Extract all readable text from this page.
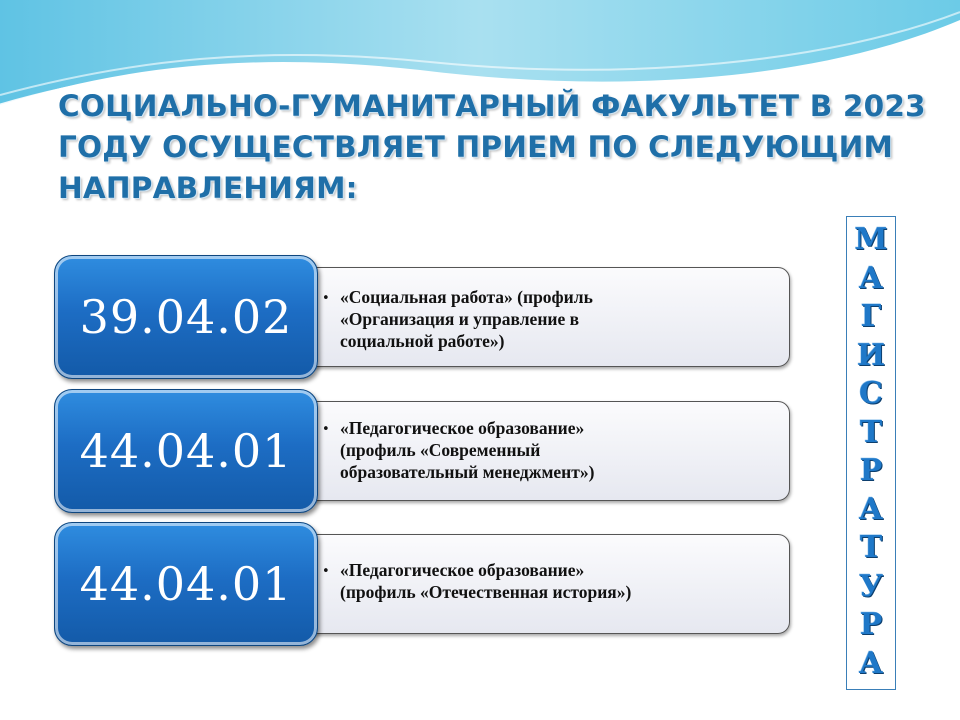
СОЦИАЛЬНО-ГУМАНИТАРНЫЙ ФАКУЛЬТЕТ В 2023
ГОДУ ОСУЩЕСТВЛЯЕТ ПРИЕМ ПО СЛЕДУЮЩИМ
НАПРАВЛЕНИЯМ:
39.04.02 • «Социальная работа» (профиль
«Организация и управление в
социальной работе»)
44.04.01 • «Педагогическое образование»
(профиль «Современный
образовательный менеджмент»)
44.04.01 • «Педагогическое образование»
(профиль «Отечественная история»)
М
А
Г
И
С
Т
Р
А
Т
У
Р
А
